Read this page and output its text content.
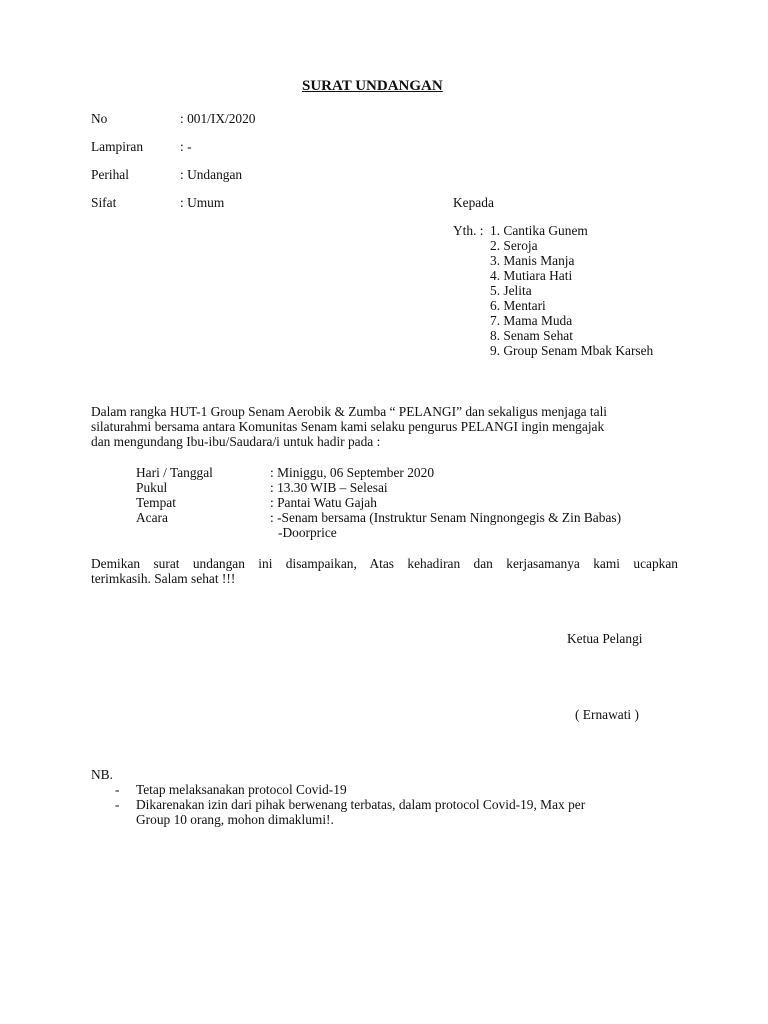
SURAT UNDANGAN
No	: 001/IX/2020
Lampiran	: -
Perihal	: Undangan
Sifat	: Umum	Kepada
Yth. : 1. Cantika Gunem
2. Seroja
3. Manis Manja
4. Mutiara Hati
5. Jelita
6. Mentari
7. Mama Muda
8. Senam Sehat
9. Group Senam Mbak Karseh
Dalam rangka HUT-1 Group Senam Aerobik & Zumba “ PELANGI” dan sekaligus menjaga tali
silaturahmi bersama antara Komunitas Senam kami selaku pengurus PELANGI ingin mengajak
dan mengundang Ibu-ibu/Saudara/i untuk hadir pada :
Hari / Tanggal	: Miniggu, 06 September 2020
Pukul	: 13.30 WIB – Selesai
Tempat	: Pantai Watu Gajah
Acara	: -Senam bersama (Instruktur Senam Ningnongegis & Zin Babas)
-Doorprice
Demikan surat undangan ini disampaikan, Atas kehadiran dan kerjasamanya kami ucapkan
terimkasih. Salam sehat !!!
Ketua Pelangi
( Ernawati )
NB.
- Tetap melaksanakan protocol Covid-19
- Dikarenakan izin dari pihak berwenang terbatas, dalam protocol Covid-19, Max per
Group 10 orang, mohon dimaklumi!.
